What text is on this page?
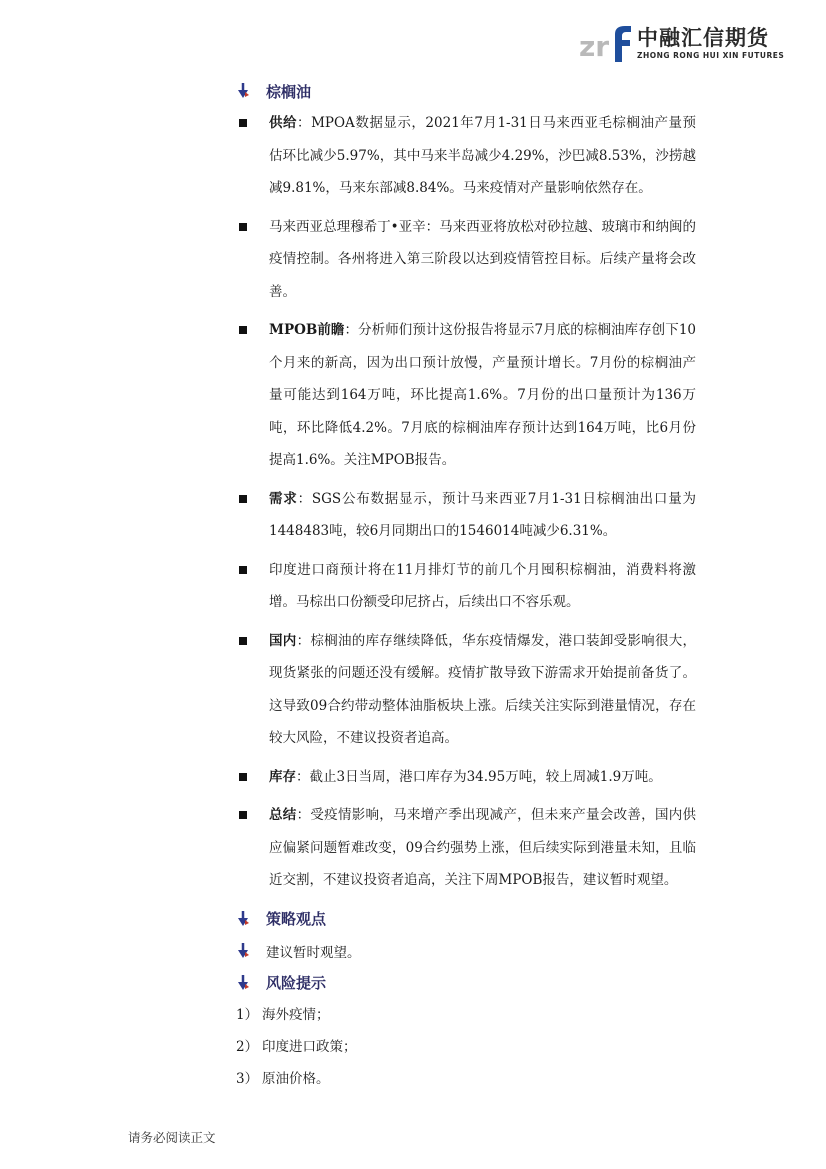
zr 中融汇信期货
ZHONG RONG HUI XIN FUTURES
棕榈油
供给：MPOA数据显示，2021年7月1-31日马来西亚毛棕榈油产量预估环比减少5.97%，其中马来半岛减少4.29%，沙巴减8.53%，沙捞越减9.81%，马来东部减8.84%。马来疫情对产量影响依然存在。
马来西亚总理穆希丁•亚辛：马来西亚将放松对砂拉越、玻璃市和纳闽的疫情控制。各州将进入第三阶段以达到疫情管控目标。后续产量将会改善。
MPOB前瞻：分析师们预计这份报告将显示7月底的棕榈油库存创下10个月来的新高，因为出口预计放慢，产量预计增长。7月份的棕榈油产量可能达到164万吨，环比提高1.6%。7月份的出口量预计为136万吨，环比降低4.2%。7月底的棕榈油库存预计达到164万吨，比6月份提高1.6%。关注MPOB报告。
需求：SGS公布数据显示，预计马来西亚7月1-31日棕榈油出口量为1448483吨，较6月同期出口的1546014吨减少6.31%。
印度进口商预计将在11月排灯节的前几个月囤积棕榈油，消费料将激增。马棕出口份额受印尼挤占，后续出口不容乐观。
国内：棕榈油的库存继续降低，华东疫情爆发，港口装卸受影响很大，现货紧张的问题还没有缓解。疫情扩散导致下游需求开始提前备货了。这导致09合约带动整体油脂板块上涨。后续关注实际到港量情况，存在较大风险，不建议投资者追高。
库存：截止3日当周，港口库存为34.95万吨，较上周减1.9万吨。
总结：受疫情影响，马来增产季出现减产，但未来产量会改善，国内供应偏紧问题暂难改变，09合约强势上涨，但后续实际到港量未知，且临近交割，不建议投资者追高，关注下周MPOB报告，建议暂时观望。
策略观点
建议暂时观望。
风险提示
1） 海外疫情；
2） 印度进口政策；
3） 原油价格。
请务必阅读正文
